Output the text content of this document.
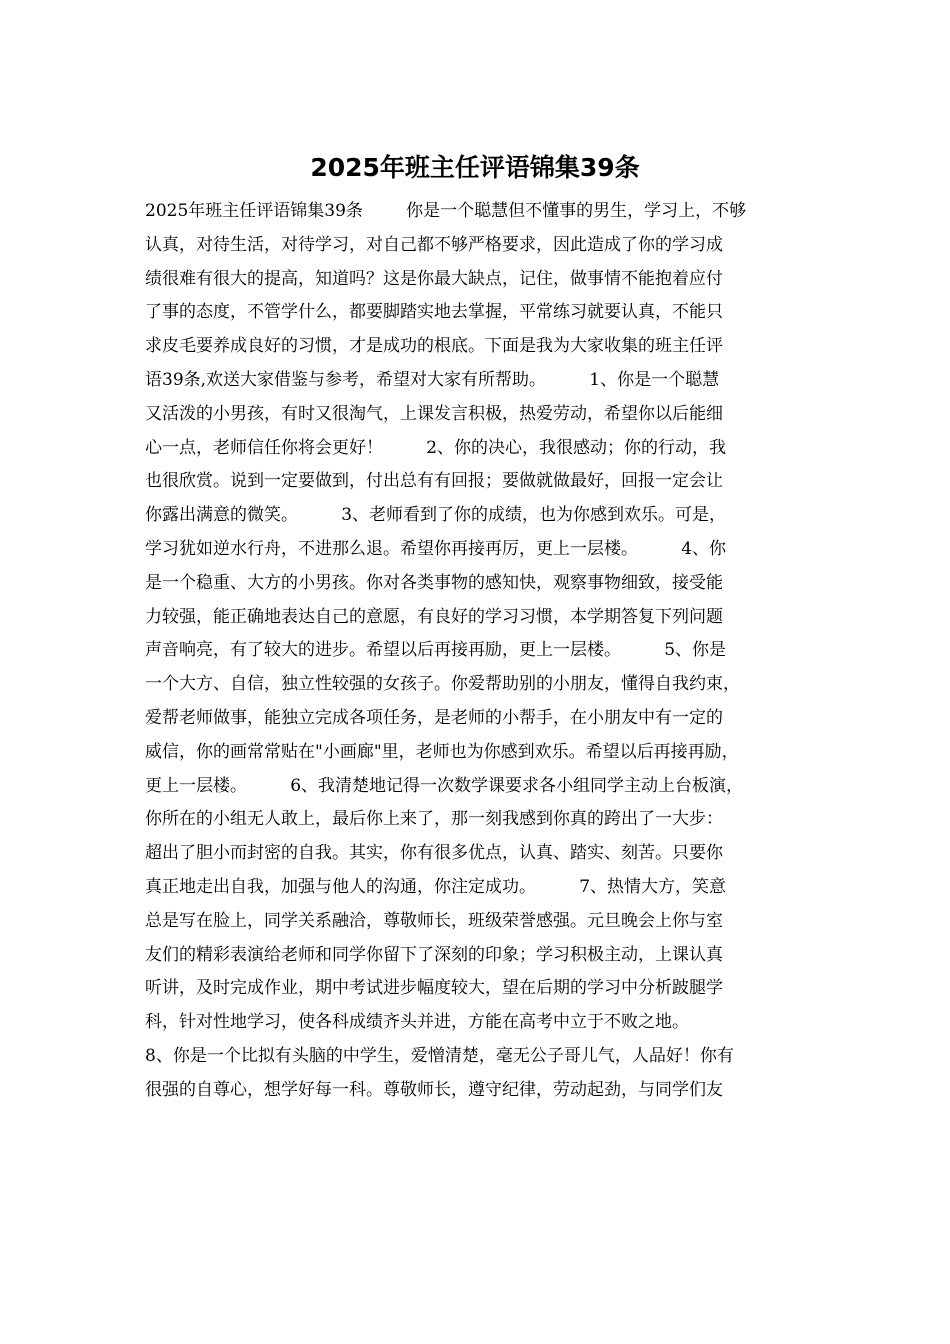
2025年班主任评语锦集39条
2025年班主任评语锦集39条        你是一个聪慧但不懂事的男生，学习上，不够
认真，对待生活，对待学习，对自己都不够严格要求，因此造成了你的学习成
绩很难有很大的提高，知道吗？这是你最大缺点，记住，做事情不能抱着应付
了事的态度，不管学什么，都要脚踏实地去掌握，平常练习就要认真，不能只
求皮毛要养成良好的习惯，才是成功的根底。下面是我为大家收集的班主任评
语39条,欢送大家借鉴与参考，希望对大家有所帮助。        1、你是一个聪慧
又活泼的小男孩，有时又很淘气，上课发言积极，热爱劳动，希望你以后能细
心一点，老师信任你将会更好！        2、你的决心，我很感动；你的行动，我
也很欣赏。说到一定要做到，付出总有有回报；要做就做最好，回报一定会让
你露出满意的微笑。        3、老师看到了你的成绩，也为你感到欢乐。可是，
学习犹如逆水行舟，不进那么退。希望你再接再厉，更上一层楼。        4、你
是一个稳重、大方的小男孩。你对各类事物的感知快，观察事物细致，接受能
力较强，能正确地表达自己的意愿，有良好的学习习惯，本学期答复下列问题
声音响亮，有了较大的进步。希望以后再接再励，更上一层楼。        5、你是
一个大方、自信，独立性较强的女孩子。你爱帮助别的小朋友，懂得自我约束，
爱帮老师做事，能独立完成各项任务，是老师的小帮手，在小朋友中有一定的
威信，你的画常常贴在"小画廊"里，老师也为你感到欢乐。希望以后再接再励，
更上一层楼。        6、我清楚地记得一次数学课要求各小组同学主动上台板演，
你所在的小组无人敢上，最后你上来了，那一刻我感到你真的跨出了一大步：
超出了胆小而封密的自我。其实，你有很多优点，认真、踏实、刻苦。只要你
真正地走出自我，加强与他人的沟通，你注定成功。        7、热情大方，笑意
总是写在脸上，同学关系融洽，尊敬师长，班级荣誉感强。元旦晚会上你与室
友们的精彩表演给老师和同学你留下了深刻的印象；学习积极主动，上课认真
听讲，及时完成作业，期中考试进步幅度较大，望在后期的学习中分析跛腿学
科，针对性地学习，使各科成绩齐头并进，方能在高考中立于不败之地。
8、你是一个比拟有头脑的中学生，爱憎清楚，毫无公子哥儿气，人品好！你有
很强的自尊心，想学好每一科。尊敬师长，遵守纪律，劳动起劲，与同学们友
